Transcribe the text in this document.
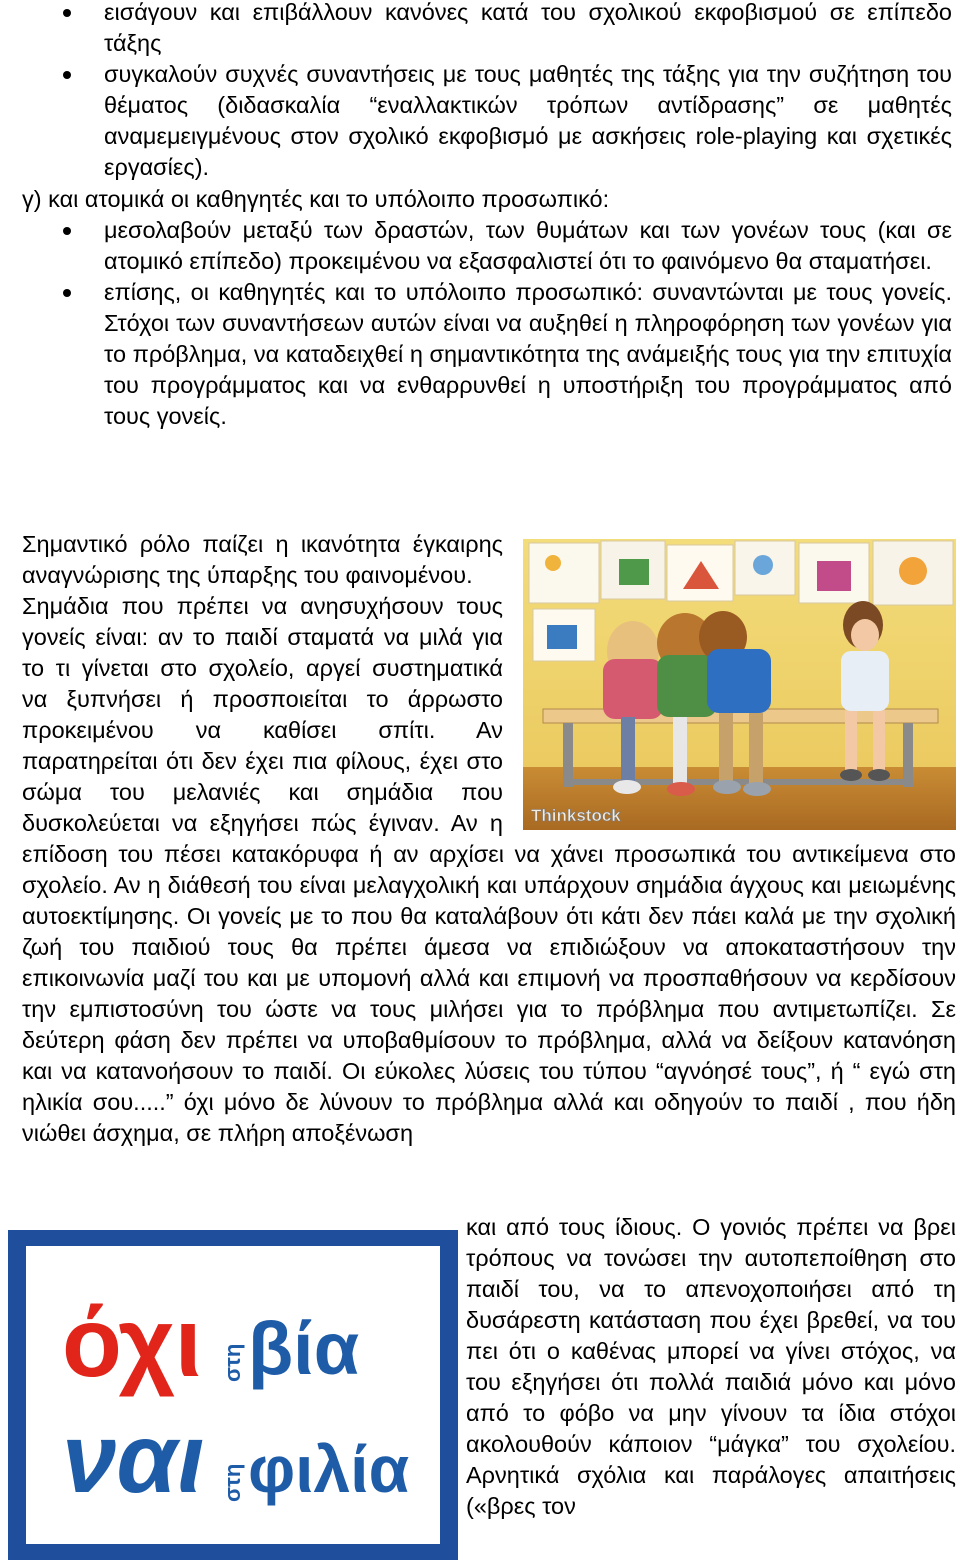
εισάγουν και επιβάλλουν κανόνες κατά του σχολικού εκφοβισμού σε επίπεδο τάξης
συγκαλούν συχνές συναντήσεις με τους μαθητές της τάξης για την συζήτηση του θέματος (διδασκαλία “εναλλακτικών τρόπων αντίδρασης” σε μαθητές αναμεμειγμένους στον σχολικό εκφοβισμό με ασκήσεις role-playing και σχετικές εργασίες).
γ) και ατομικά οι καθηγητές και το υπόλοιπο προσωπικό:
μεσολαβούν μεταξύ των δραστών, των θυμάτων και των γονέων τους (και σε ατομικό επίπεδο) προκειμένου να εξασφαλιστεί ότι το φαινόμενο θα σταματήσει.
επίσης, οι καθηγητές και το υπόλοιπο προσωπικό: συναντώνται με τους γονείς. Στόχοι των συναντήσεων αυτών είναι να αυξηθεί η πληροφόρηση των γονέων για το πρόβλημα, να καταδειχθεί η σημαντικότητα της ανάμειξής τους για την επιτυχία του προγράμματος και να ενθαρρυνθεί η υποστήριξη του προγράμματος από τους γονείς.
Thinkstock
Σημαντικό ρόλο παίζει η ικανότητα έγκαιρης αναγνώρισης της ύπαρξης του φαινομένου.
Σημάδια που πρέπει να ανησυχήσουν τους γονείς είναι: αν το παιδί σταματά να μιλά για το τι γίνεται στο σχολείο, αργεί συστηματικά να ξυπνήσει ή προσποιείται το άρρωστο προκειμένου να καθίσει σπίτι. Αν παρατηρείται ότι δεν έχει πια φίλους, έχει στο σώμα του μελανιές και σημάδια που δυσκολεύεται να εξηγήσει πώς έγιναν. Αν η επίδοση του πέσει κατακόρυφα ή αν αρχίσει να χάνει προσωπικά του αντικείμενα στο σχολείο. Αν η διάθεσή του είναι μελαγχολική και υπάρχουν σημάδια άγχους και μειωμένης αυτοεκτίμησης. Οι γονείς με το που θα καταλάβουν ότι κάτι δεν πάει καλά με την σχολική ζωή του παιδιού τους θα πρέπει άμεσα να επιδιώξουν να αποκαταστήσουν την επικοινωνία μαζί του και με υπομονή αλλά και επιμονή να προσπαθήσουν να κερδίσουν την εμπιστοσύνη του ώστε να τους μιλήσει για το πρόβλημα που αντιμετωπίζει. Σε δεύτερη φάση δεν πρέπει να υποβαθμίσουν το πρόβλημα, αλλά να δείξουν κατανόηση και να κατανοήσουν το παιδί. Οι εύκολες λύσεις του τύπου “αγνόησέ τους”, ή “ εγώ στη ηλικία σου.....” όχι μόνο δε λύνουν το πρόβλημα αλλά και οδηγούν το παιδί , που ήδη νιώθει άσχημα, σε πλήρη αποξένωση
όχι στη βία
ναι στη φιλία
και από τους ίδιους. Ο γονιός πρέπει να βρει τρόπους να τονώσει την αυτοπεποίθηση στο παιδί του, να το απενοχοποιήσει από τη δυσάρεστη κατάσταση που έχει βρεθεί, να του πει ότι ο καθένας μπορεί να γίνει στόχος, να του εξηγήσει ότι πολλά παιδιά μόνο και μόνο από το φόβο να μην γίνουν τα ίδια στόχοι ακολουθούν κάποιον “μάγκα” του σχολείου. Αρνητικά σχόλια και παράλογες απαιτήσεις («βρες τον
